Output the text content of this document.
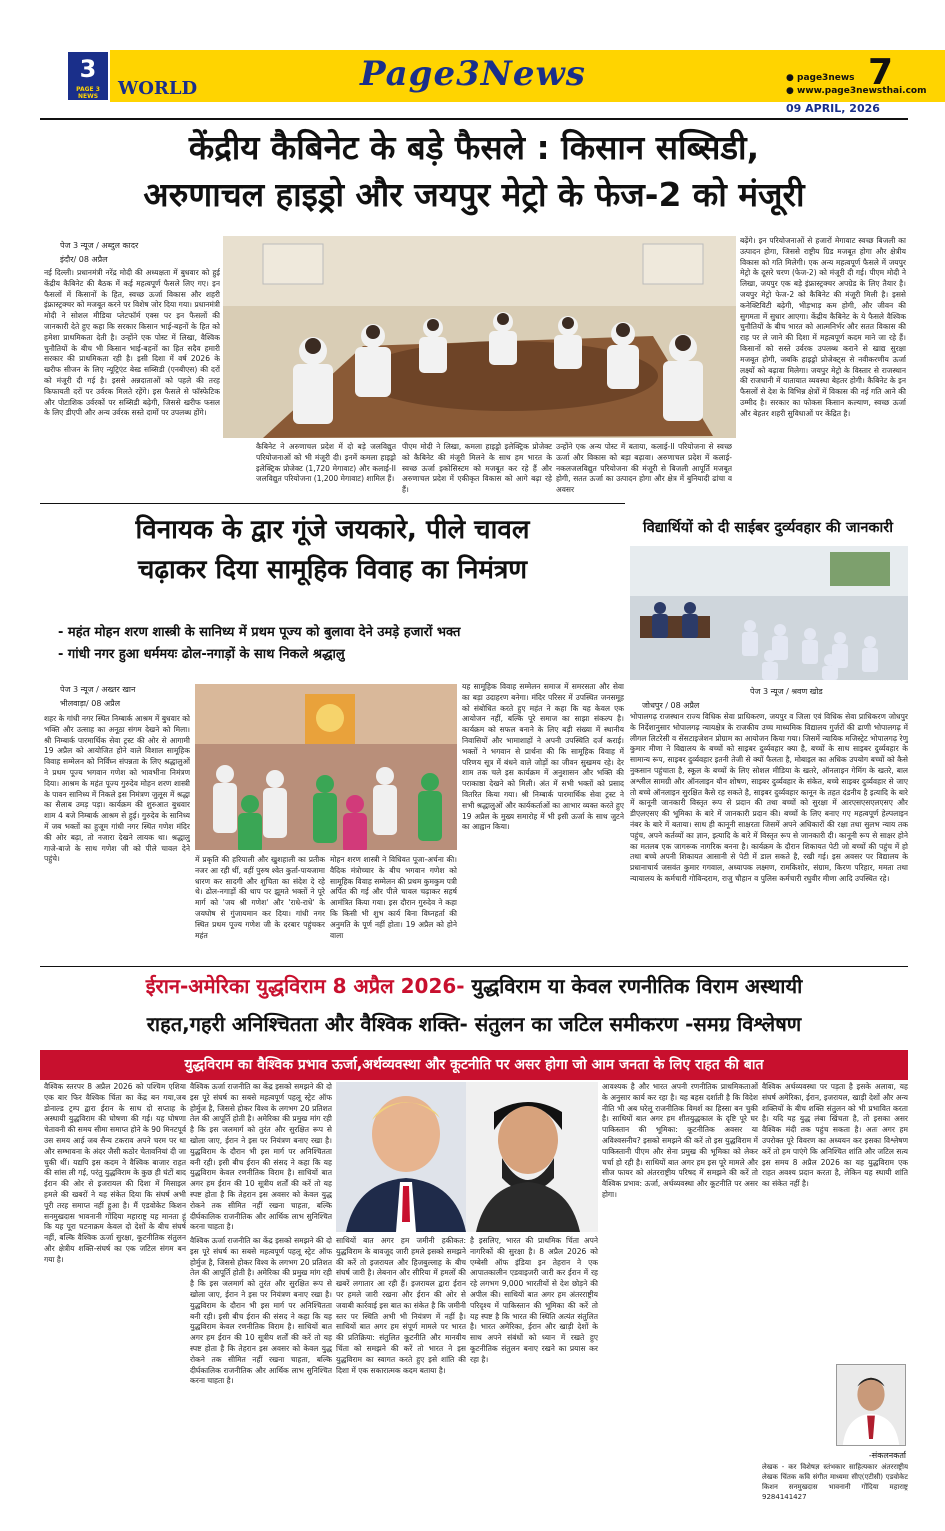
3
PAGE 3 NEWS	WORLD	Page3News	● page3news
● www.page3newsthai.com
7
09 APRIL, 2026
केंद्रीय कैबिनेट के बड़े फैसले : किसान सब्सिडी,
अरुणाचल हाइड्रो और जयपुर मेट्रो के फेज-2 को मंजूरी
पेज 3 न्यूज / अब्दुल कादर
इंदौर/ 08 अप्रैल
नई दिल्ली। प्रधानमंत्री नरेंद्र मोदी की अध्यक्षता में बुधवार को हुई केंद्रीय कैबिनेट की बैठक में कई महत्वपूर्ण फैसले लिए गए। इन फैसलों में किसानों के हित, स्वच्छ ऊर्जा विकास और शहरी इंफ्रास्ट्रक्चर को मजबूत करने पर विशेष जोर दिया गया। प्रधानमंत्री मोदी ने सोशल मीडिया प्लेटफॉर्म एक्स पर इन फैसलों की जानकारी देते हुए कहा कि सरकार किसान भाई-बहनों के हित को हमेशा प्राथमिकता देती है। उन्होंने एक पोस्ट में लिखा, वैश्विक चुनौतियों के बीच भी किसान भाई-बहनों का हित सदैव हमारी सरकार की प्राथमिकता रही है। इसी दिशा में वर्ष 2026 के खरीफ सीजन के लिए न्यूट्रिएंट बेस्ड सब्सिडी (एनबीएस) की दरों को मंजूरी दी गई है। इससे अन्नदाताओं को पहले की तरह किफायती दरों पर उर्वरक मिलते रहेंगे। इस फैसले से फॉस्फेटिक और पोटाशिक उर्वरकों पर सब्सिडी बढ़ेगी, जिससे खरीफ फसल के लिए डीएपी और अन्य उर्वरक सस्ते दामों पर उपलब्ध होंगे।
कैबिनेट ने अरुणाचल प्रदेश में दो बड़े जलविद्युत परियोजनाओं को भी मंजूरी दी। इनमें कमला हाइड्रो इलेक्ट्रिक प्रोजेक्ट (1,720 मेगावाट) और कलाई-II जलविद्युत परियोजना (1,200 मेगावाट) शामिल हैं।
पीएम मोदी ने लिखा, कमला हाइड्रो इलेक्ट्रिक प्रोजेक्ट को कैबिनेट की मंजूरी मिलने के साथ हम भारत के स्वच्छ ऊर्जा इकोसिस्टम को मजबूत कर रहे हैं और अरुणाचल प्रदेश में एकीकृत विकास को आगे बढ़ा रहे हैं।
उन्होंने एक अन्य पोस्ट में बताया, कलाई-II परियोजना से स्वच्छ ऊर्जा और विकास को बड़ा बढ़ावा। अरुणाचल प्रदेश में कलाई-नकलजलविद्युत परियोजना की मंजूरी से बिजली आपूर्ति मजबूत होगी, सतत ऊर्जा का उत्पादन होगा और क्षेत्र में बुनियादी ढांचा व अवसर
बढ़ेंगे। इन परियोजनाओं से हजारों मेगावाट स्वच्छ बिजली का उत्पादन होगा, जिससे राष्ट्रीय ग्रिड मजबूत होगा और क्षेत्रीय विकास को गति मिलेगी। एक अन्य महत्वपूर्ण फैसले में जयपुर मेट्रो के दूसरे चरण (फेज-2) को मंजूरी दी गई। पीएम मोदी ने लिखा, जयपुर एक बड़े इंफ्रास्ट्रक्चर अपग्रेड के लिए तैयार है। जयपुर मेट्रो फेज-2 को कैबिनेट की मंजूरी मिली है। इससे कनेक्टिविटी बढ़ेगी, भीड़भाड़ कम होगी, और जीवन की सुगमता में सुधार आएगा। केंद्रीय कैबिनेट के ये फैसले वैश्विक चुनौतियों के बीच भारत को आत्मनिर्भर और सतत विकास की राह पर ले जाने की दिशा में महत्वपूर्ण कदम माने जा रहे हैं। किसानों को सस्ते उर्वरक उपलब्ध कराने से खाद्य सुरक्षा मजबूत होगी, जबकि हाइड्रो प्रोजेक्ट्स से नवीकरणीय ऊर्जा लक्ष्यों को बढ़ावा मिलेगा। जयपुर मेट्रो के विस्तार से राजस्थान की राजधानी में यातायात व्यवस्था बेहतर होगी। कैबिनेट के इन फैसलों से देश के विभिन्न क्षेत्रों में विकास की नई गति आने की उम्मीद है। सरकार का फोकस किसान कल्याण, स्वच्छ ऊर्जा और बेहतर शहरी सुविधाओं पर केंद्रित है।
विनायक के द्वार गूंजे जयकारे, पीले चावल
चढ़ाकर दिया सामूहिक विवाह का निमंत्रण
- महंत मोहन शरण शास्त्री के सानिध्य में प्रथम पूज्य को बुलावा देने उमड़े हजारों भक्त
- गांधी नगर हुआ धर्ममयः ढोल-नगाड़ों के साथ निकले श्रद्धालु
पेज 3 न्यूज / अख्तर खान
भीलवाड़ा/ 08 अप्रैल
शहर के गांधी नगर स्थित निम्बार्क आश्रम में बुधवार को भक्ति और उत्साह का अनूठा संगम देखने को मिला। श्री निम्बार्क पारमार्थिक सेवा ट्रस्ट की ओर से आगामी 19 अप्रैल को आयोजित होने वाले विशाल सामूहिक विवाह सम्मेलन को निर्विघ्न संपन्नता के लिए श्रद्धालुओं ने प्रथम पूज्य भगवान गणेश को भावभीना निमंत्रण दिया। आश्रम के महंत पूज्य गुरुदेव मोहन शरण शास्त्री के पावन सानिध्य में निकले इस निमंत्रण जुलूस में श्रद्धा का सैलाब उमड़ पड़ा। कार्यक्रम की शुरुआत बुधवार शाम 4 बजे निम्बार्क आश्रम से हुई। गुरुदेव के सानिध्य में जब भक्तों का हुजूम गांधी नगर स्थित गणेश मंदिर की ओर बढ़ा, तो नजारा देखने लायक था। श्रद्धालु गाजे-बाजे के साथ गणेश जी को पीले चावल देने पहुंचे।	में प्रकृति की हरियाली और खुशहाली का प्रतीक नजर आ रही थीं, वहीं पुरुष श्वेत कुर्ता-पायजामा धारण कर सादगी और शुचिता का संदेश दे रहे थे। ढोल-नगाड़ों की थाप पर झूमते भक्तों ने पूरे मार्ग को 'जय श्री गणेश' और 'राधे-राधे' के जयघोष से गुंजायमान कर दिया। गांधी नगर स्थित प्रथम पूज्य गणेश जी के दरबार पहुंचकर महंत
मोहन शरण शास्त्री ने विधिवत पूजा-अर्चना की। वैदिक मंत्रोच्चार के बीच भगवान गणेश को सामूहिक विवाह सम्मेलन की प्रथम कुमकुम पत्री अर्पित की गई और पीले चावल चढ़ाकर सहर्ष आमंत्रित किया गया। इस दौरान गुरुदेव ने कहा कि किसी भी शुभ कार्य बिना विघ्नहर्ता की अनुमति के पूर्ण नहीं होता। 19 अप्रैल को होने वाला
यह सामूहिक विवाह सम्मेलन समाज में समरसता और सेवा का बड़ा उदाहरण बनेगा। मंदिर परिसर में उपस्थित जनसमूह को संबोधित करते हुए महंत ने कहा कि यह केवल एक आयोजन नहीं, बल्कि पूरे समाज का साझा संकल्प है। कार्यक्रम को सफल बनाने के लिए बड़ी संख्या में स्थानीय निवासियों और भामाशाहों ने अपनी उपस्थिति दर्ज कराई। भक्तों ने भगवान से प्रार्थना की कि सामूहिक विवाह में परिणय सूत्र में बंधने वाले जोड़ों का जीवन सुखमय रहे। देर शाम तक चले इस कार्यक्रम में अनुशासन और भक्ति की पराकाष्ठा देखने को मिली। अंत में सभी भक्तों को प्रसाद वितरित किया गया। श्री निम्बार्क पारमार्थिक सेवा ट्रस्ट ने सभी श्रद्धालुओं और कार्यकर्ताओं का आभार व्यक्त करते हुए 19 अप्रैल के मुख्य समारोह में भी इसी ऊर्जा के साथ जुटने का आह्वान किया।
विद्यार्थियों को दी साईबर दुर्व्यवहार की जानकारी
पेज 3 न्यूज / श्रवण खोड
जोधपुर / 08 अप्रैल
भोपालगढ़ राजस्थान राज्य विधिक सेवा प्राधिकरण, जयपुर व जिला एवं विधिक सेवा प्राधिकरण जोधपुर के निर्देशानुसार भोपालगढ़ न्यायक्षेत्र के राजकीय उच्च माध्यमिक विद्यालय गुर्जरों की ढाणी भोपालगढ़ में लीगल लिटरेसी व सेंसटाइजेशन प्रोग्राम का आयोजन किया गया। जिसमें न्यायिक मजिस्ट्रेट भोपालगढ़ रेणु कुमार मीणा ने विद्यालय के बच्चों को साइबर दुर्व्यवहार क्या है, बच्चों के साथ साइबर दुर्व्यवहार के सामान्य रूप, साइबर दुर्व्यवहार इतनी तेजी से क्यों फैलता है, मोबाइल का अधिक उपयोग बच्चों को कैसे नुकसान पहुंचाता है, स्कूल के बच्चों के लिए सोशल मीडिया के खतरे, ऑनलाइन गेमिंग के खतरे, बाल अश्लील सामग्री और ऑनलाइन यौन शोषण, साइबर दुर्व्यवहार के संकेत, बच्चे साइबर दुर्व्यवहार से जाए तो बच्चे ऑनलाइन सुरक्षित कैसे रह सकते है, साइबर दुर्व्यवहार कानून के तहत दंडनीय है इत्यादि के बारे में कानूनी जानकारी विस्तृत रूप से प्रदान की तथा बच्चों को सुरक्षा में आरएसएसएलएसए और डीएलएसए की भूमिका के बारे में जानकारी प्रदान की। बच्चों के लिए बनाए गए महत्वपूर्ण हेल्पलाइन नंबर के बारे में बताया। साथ ही कानूनी साक्षरता जिसमें अपने अधिकारों की रक्षा तथा सुलभ न्याय तक पहुंच, अपने कर्तव्यों का ज्ञान, इत्यादि के बारे में विस्तृत रूप से जानकारी दी। कानूनी रूप से साक्षर होने का मतलब एक जागरूक नागरिक बनना है। कार्यक्रम के दौरान शिकायत पेटी जो बच्चों की पहुंच में हो तथा बच्चे अपनी शिकायत आसानी से पेटी में डाल सकते है, रखी गई। इस अवसर पर विद्यालय के प्रधानाचार्य जसवंत कुमार गगवाल, अध्यापक लक्ष्मण, रामकिशोर, संग्राम, किरण परिहार, ममता तथा न्यायालय के कर्मचारी गोविन्दराम, राजु चौहान व पुलिस कर्मचारी रघुवीर मीणा आदि उपस्थित रहे।
ईरान-अमेरिका युद्धविराम 8 अप्रैल 2026- युद्धविराम या केवल रणनीतिक विराम अस्थायी
राहत,गहरी अनिश्चितता और वैश्विक शक्ति- संतुलन का जटिल समीकरण -समग्र विश्लेषण
युद्धविराम का वैश्विक प्रभाव ऊर्जा,अर्थव्यवस्था और कूटनीति पर असर होगा जो आम जनता के लिए राहत की बात
वैश्विक स्तरपर 8 अप्रैल 2026 को पश्चिम एशिया एक बार फिर वैश्विक चिंता का केंद्र बन गया,जब डोनाल्ड ट्रम्प द्वारा ईरान के साथ दो सप्ताह के अस्थायी युद्धविराम की घोषणा की गई। यह घोषणा चेतावनी की समय सीमा समाप्त होने के 90 मिनटपूर्व उस समय आई जब सैन्य टकराव अपने चरम पर था और सम्भावना के अंदर जैसी कठोर चेतावनियां दी जा चुकी थीं। यद्यपि इस कदम ने वैश्विक बाजार राहत की सांस ली गई, परंतु युद्धविराम के कुछ ही घंटों बाद ईरान की ओर से इजरायल की दिशा में मिसाइल हमले की खबरों ने यह संकेत दिया कि संघर्ष अभी पूरी तरह समाप्त नहीं हुआ है। मैं एडवोकेट किशन सनमुखदास भावनानी गोंदिया महाराष्ट्र यह मानता हूं कि यह पूरा घटनाक्रम केवल दो देशों के बीच संघर्ष नहीं, बल्कि वैश्विक ऊर्जा सुरक्षा, कूटनीतिक संतुलन और क्षेत्रीय शक्ति-संघर्ष का एक जटिल संगम बन गया है।
वैश्विक ऊर्जा राजनीति का केंद्र इसको समझने की दो इस पूरे संघर्ष का सबसे महत्वपूर्ण पहलू स्ट्रेट ऑफ होर्मुज है, जिससे होकर विश्व के लगभग 20 प्रतिशत तेल की आपूर्ति होती है। अमेरिका की प्रमुख मांग रही है कि इस जलमार्ग को तुरंत और सुरक्षित रूप से खोला जाए, ईरान ने इस पर नियंत्रण बनाए रखा है। युद्धविराम के दौरान भी इस मार्ग पर अनिश्चितता बनी रही। इसी बीच ईरान की संसद ने कहा कि यह युद्धविराम केवल रणनीतिक विराम है। साथियों बात अगर हम ईरान की 10 सूत्रीय शर्तों की करें तो यह स्पष्ट होता है कि तेहरान इस अवसर को केवल युद्ध रोकने तक सीमित नहीं रखना चाहता, बल्कि दीर्घकालिक राजनीतिक और आर्थिक लाभ सुनिश्चित करना चाहता है।
वैश्विक ऊर्जा राजनीति का केंद्र इसको समझने की दो इस पूरे संघर्ष का सबसे महत्वपूर्ण पहलू स्ट्रेट ऑफ होर्मुज है, जिससे होकर विश्व के लगभग 20 प्रतिशत तेल की आपूर्ति होती है। अमेरिका की प्रमुख मांग रही है कि इस जलमार्ग को तुरंत और सुरक्षित रूप से खोला जाए, ईरान ने इस पर नियंत्रण बनाए रखा है। युद्धविराम के दौरान भी इस मार्ग पर अनिश्चितता बनी रही। इसी बीच ईरान की संसद ने कहा कि यह युद्धविराम केवल रणनीतिक विराम है। साथियों बात अगर हम ईरान की 10 सूत्रीय शर्तों की करें तो यह स्पष्ट होता है कि तेहरान इस अवसर को केवल युद्ध रोकने तक सीमित नहीं रखना चाहता, बल्कि दीर्घकालिक राजनीतिक और आर्थिक लाभ सुनिश्चित करना चाहता है।
साथियों बात अगर हम जमीनी हकीकत: युद्धविराम के बावजूद जारी हमले इसको समझने की करें तो इजरायल और हिजबुल्लाह के बीच संघर्ष जारी है। लेबनान और सीरिया में हमलों की खबरें लगातार आ रही हैं। इजरायल द्वारा ईरान पर हमले जारी रखना और ईरान की ओर से जवाबी कार्रवाई इस बात का संकेत है कि जमीनी स्तर पर स्थिति अभी भी नियंत्रण में नहीं है। साथियों बात अगर हम संपूर्ण मामले पर भारत की प्रतिक्रिया: संतुलित कूटनीति और मानवीय चिंता को समझने की करें तो भारत ने इस युद्धविराम का स्वागत करते हुए इसे शांति की दिशा में एक सकारात्मक कदम बताया है।
है इसलिए, भारत की प्राथमिक चिंता अपने नागरिकों की सुरक्षा है। 8 अप्रैल 2026 को एम्बेसी ऑफ इंडिया इन तेहरान ने एक आपातकालीन एडवाइजरी जारी कर ईरान में रह रहे लगभग 9,000 भारतीयों से देश छोड़ने की अपील की। साथियों बात अगर हम अंतरराष्ट्रीय परिदृश्य में पाकिस्तान की भूमिका की करें तो यह स्पष्ट है कि भारत की स्थिति अत्यंत संतुलित है। भारत अमेरिका, ईरान और खाड़ी देशों के साथ अपने संबंधों को ध्यान में रखते हुए कूटनीतिक संतुलन बनाए रखने का प्रयास कर रहा है।
आवश्यक है और भारत अपनी रणनीतिक प्राथमिकताओं के अनुसार कार्य कर रहा है। यह बहस दर्शाती है कि विदेश नीति भी अब घरेलू राजनीतिक विमर्श का हिस्सा बन चुकी है। साथियों बात अगर हम शीतयुद्धकाल के दृष्टि पूरे घर पाकिस्तान की भूमिका: कूटनीतिक अवसर या अविश्वसनीय? इसको समझने की करें तो इस युद्धविराम में पाकिस्तानी पीएम और सेना प्रमुख की भूमिका को लेकर चर्चा हो रही है। साथियों बात अगर हम इस पूरे मामले और सीज फायर को अंतरराष्ट्रीय परिषद में समझने की करें तो वैश्विक प्रभाव: ऊर्जा, अर्थव्यवस्था और कूटनीति पर असर होगा।
वैश्विक अर्थव्यवस्था पर पड़ता है इसके अलावा, यह संघर्ष अमेरिका, ईरान, इजरायल, खाड़ी देशों और अन्य शक्तियों के बीच शक्ति संतुलन को भी प्रभावित करता है। यदि यह युद्ध लंबा खिंचता है, तो इसका असर वैश्विक मंदी तक पहुंच सकता है। अतः अगर हम उपरोक्त पूरे विवरण का अध्ययन कर इसका विश्लेषण करें तो हम पाएंगे कि अनिश्चित शांति और जटिल सत्य इस समय 8 अप्रैल 2026 का यह युद्धविराम एक राहत अवश्य प्रदान करता है, लेकिन यह स्थायी शांति का संकेत नहीं है।
-संकलनकर्ता
लेखक - कर विशेषज्ञ स्तंभकार साहित्यकार अंतरराष्ट्रीय लेखक चिंतक कवि संगीत माध्यमा सीए(एटीसी) एडवोकेट किशन सनमुखदास भावनानी गोंदिया महाराष्ट्र 9284141427
